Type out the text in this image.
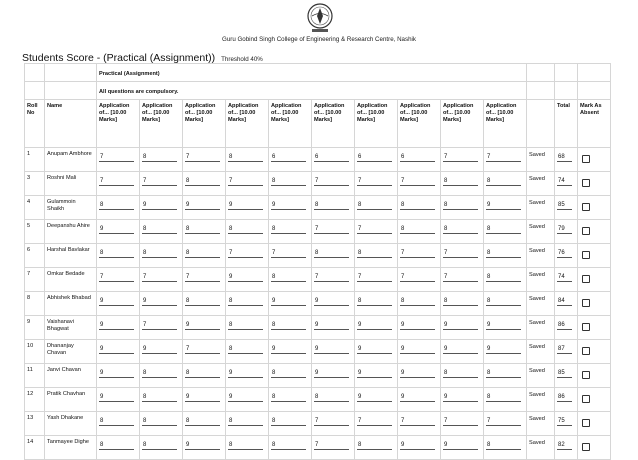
Guru Gobind Singh College of Engineering & Research Centre, Nashik
Students Score - (Practical (Assignment)) Threshold 40%
		Practical (Assignment)												
		All questions are compulsory.												
Roll No	Name	Application of... [10.00 Marks]	Application of... [10.00 Marks]	Application of... [10.00 Marks]	Application of... [10.00 Marks]	Application of... [10.00 Marks]	Application of... [10.00 Marks]	Application of... [10.00 Marks]	Application of... [10.00 Marks]	Application of... [10.00 Marks]	Application of... [10.00 Marks]		Total	Mark As Absent
1	Anupam Ambhore	7	8	7	8	6	6	6	6	7	7	Saved	68	
3	Roshni Mali	7	7	8	7	8	7	7	7	8	8	Saved	74	
4	Gulammoin Shaikh	8	9	9	9	9	8	8	8	8	9	Saved	85	
5	Deepanshu Ahire	9	8	8	8	8	7	7	8	8	8	Saved	79	
6	Harshal Bavlakar	8	8	8	7	7	8	8	7	7	8	Saved	76	
7	Omkar Bedade	7	7	7	9	8	7	7	7	7	8	Saved	74	
8	Abhishek Bhabad	9	9	8	8	9	9	8	8	8	8	Saved	84	
9	Vaishanavi Bhagwat	9	7	9	8	8	9	9	9	9	9	Saved	86	
10	Dhananjay Chavan	9	9	7	8	9	9	9	9	9	9	Saved	87	
11	Janvi Chavan	9	8	8	9	8	9	9	9	8	8	Saved	85	
12	Pratik Chavhan	9	8	9	9	8	8	9	9	9	8	Saved	86	
13	Yash Dhakane	8	8	8	8	8	7	7	7	7	7	Saved	75	
14	Tanmayee Dighe	8	8	9	8	8	7	8	9	9	8	Saved	82	
